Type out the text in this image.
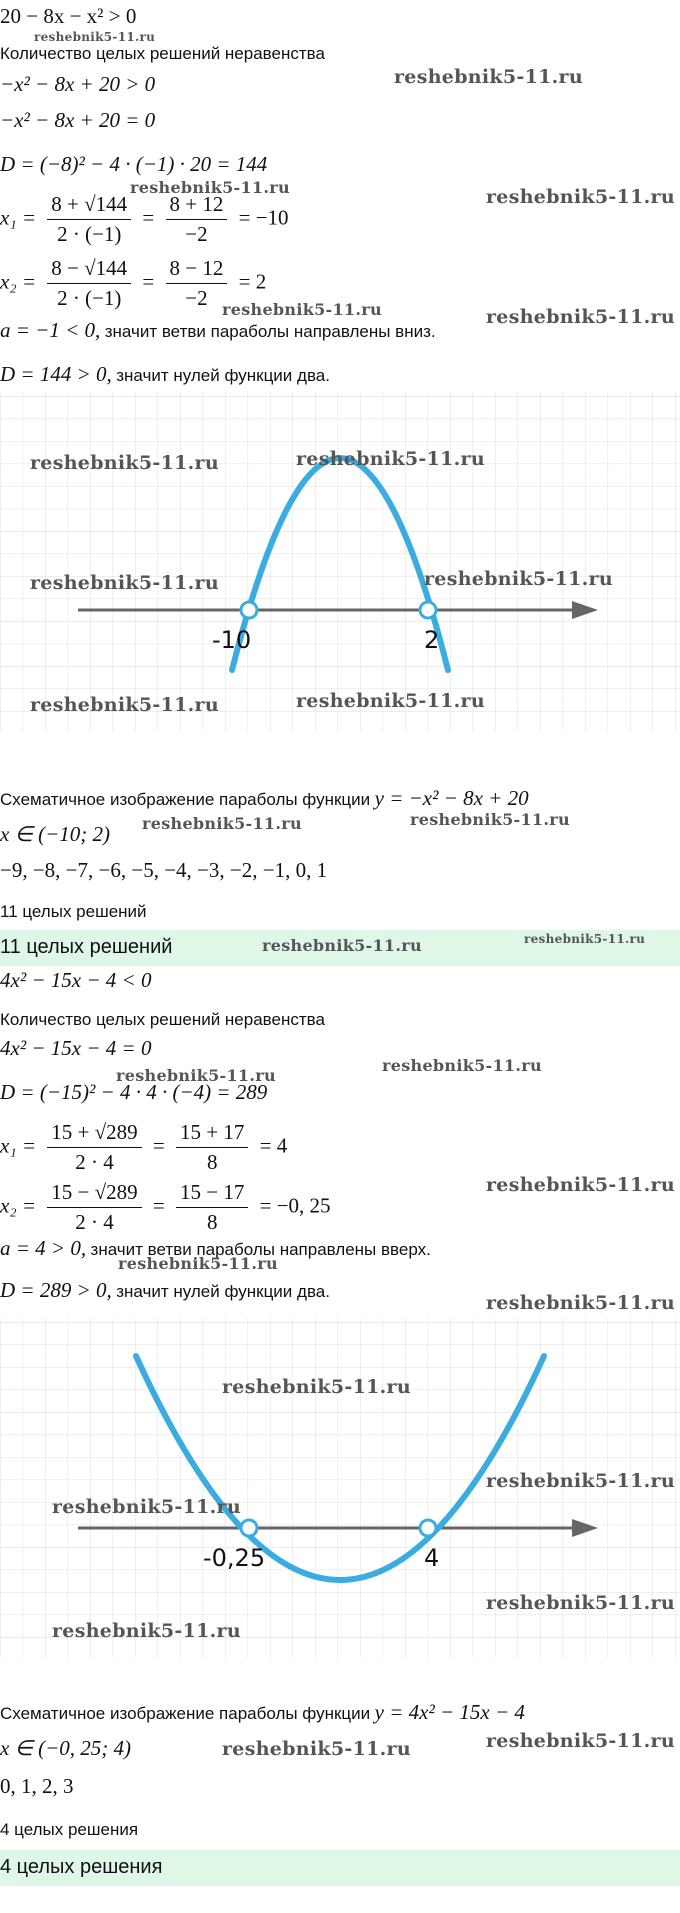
20 − 8x − x² > 0
Количество целых решений неравенства
−x² − 8x + 20 > 0
−x² − 8x + 20 = 0
D = (−8)² − 4 · (−1) · 20 = 144
$x_1 = \frac{8 + √144}{2 \cdot (-1)} = \frac{8 + 12}{-2} = -10$
$x_2 = \frac{8 - √144}{2 \cdot (-1)} = \frac{8 - 12}{-2} = 2$
a = −1 < 0, значит ветви параболы направлены вниз.
D = 144 > 0, значит нулей функции два.
-10	2
Схематичное изображение параболы функции y = −x² − 8x + 20
x ∈ (−10; 2)
−9, −8, −7, −6, −5, −4, −3, −2, −1, 0, 1
11 целых решений
11 целых решений
4x² − 15x − 4 < 0
Количество целых решений неравенства
4x² − 15x − 4 = 0
D = (−15)² − 4 · 4 · (−4) = 289
$x_1 = \frac{15 + √289}{2 \cdot 4} = \frac{15 + 17}{8} = 4$
$x_2 = \frac{15 - √289}{2 \cdot 4} = \frac{15 - 17}{8} = -0$, 25
a = 4 > 0, значит ветви параболы направлены вверх.
D = 289 > 0, значит нулей функции два.
-0,25	4
Схематичное изображение параболы функции y = 4x² − 15x − 4
x ∈ (−0, 25; 4)
0, 1, 2, 3
4 целых решения
4 целых решения
reshebnik5-11.ru
reshebnik5-11.ru
reshebnik5-11.ru	reshebnik5-11.ru
reshebnik5-11.ru	reshebnik5-11.ru
reshebnik5-11.ru	reshebnik5-11.ru
reshebnik5-11.ru	reshebnik5-11.ru
reshebnik5-11.ru	reshebnik5-11.ru
reshebnik5-11.ru	reshebnik5-11.ru
reshebnik5-11.ru	reshebnik5-11.ru
reshebnik5-11.ru
reshebnik5-11.ru
reshebnik5-11.ru
reshebnik5-11.ru
reshebnik5-11.ru
reshebnik5-11.ru
reshebnik5-11.ru
reshebnik5-11.ru
reshebnik5-11.ru
reshebnik5-11.ru
reshebnik5-11.ru	reshebnik5-11.ru
